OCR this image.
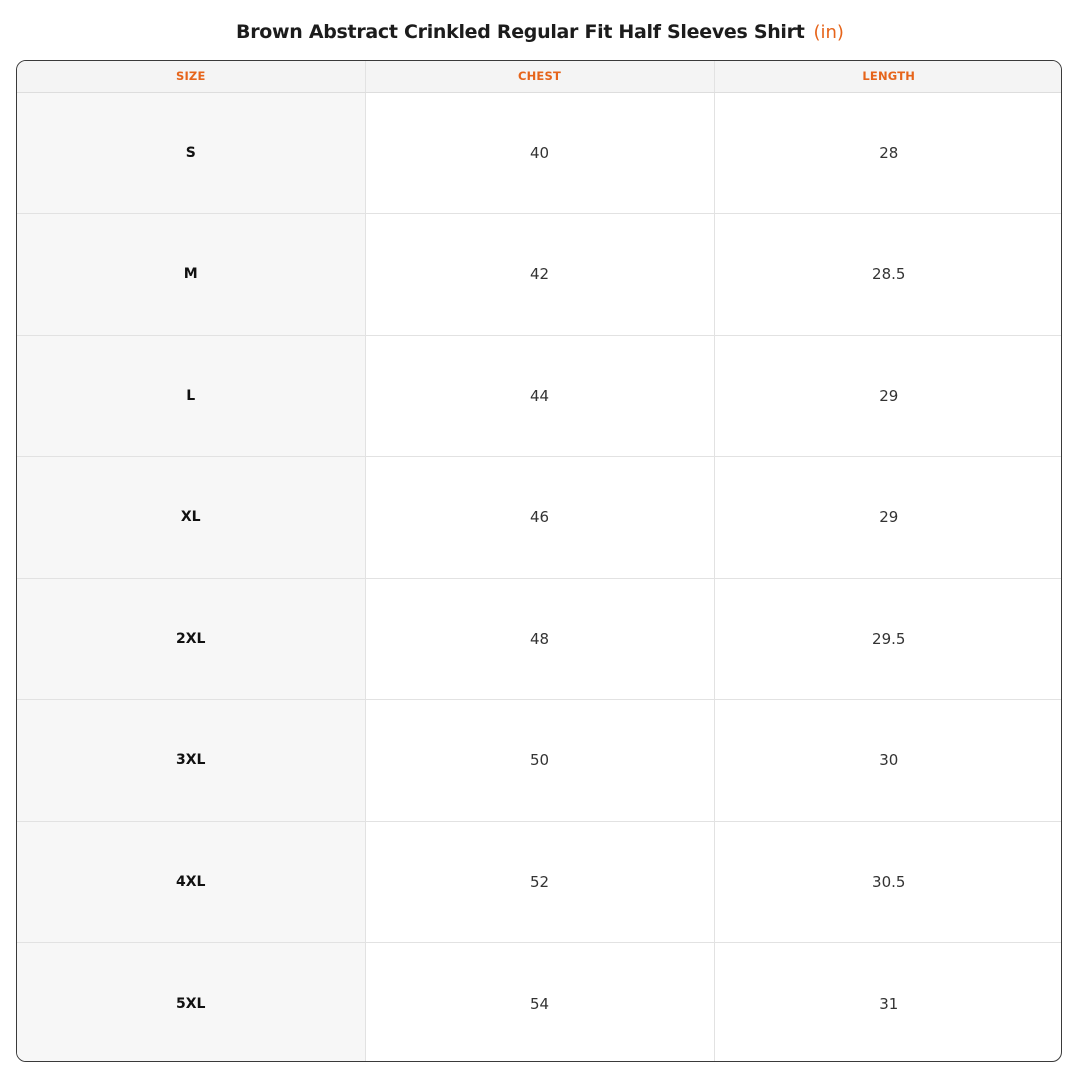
Brown Abstract Crinkled Regular Fit Half Sleeves Shirt (in)
SIZE	CHEST	LENGTH
S	40	28
M	42	28.5
L	44	29
XL	46	29
2XL	48	29.5
3XL	50	30
4XL	52	30.5
5XL	54	31
